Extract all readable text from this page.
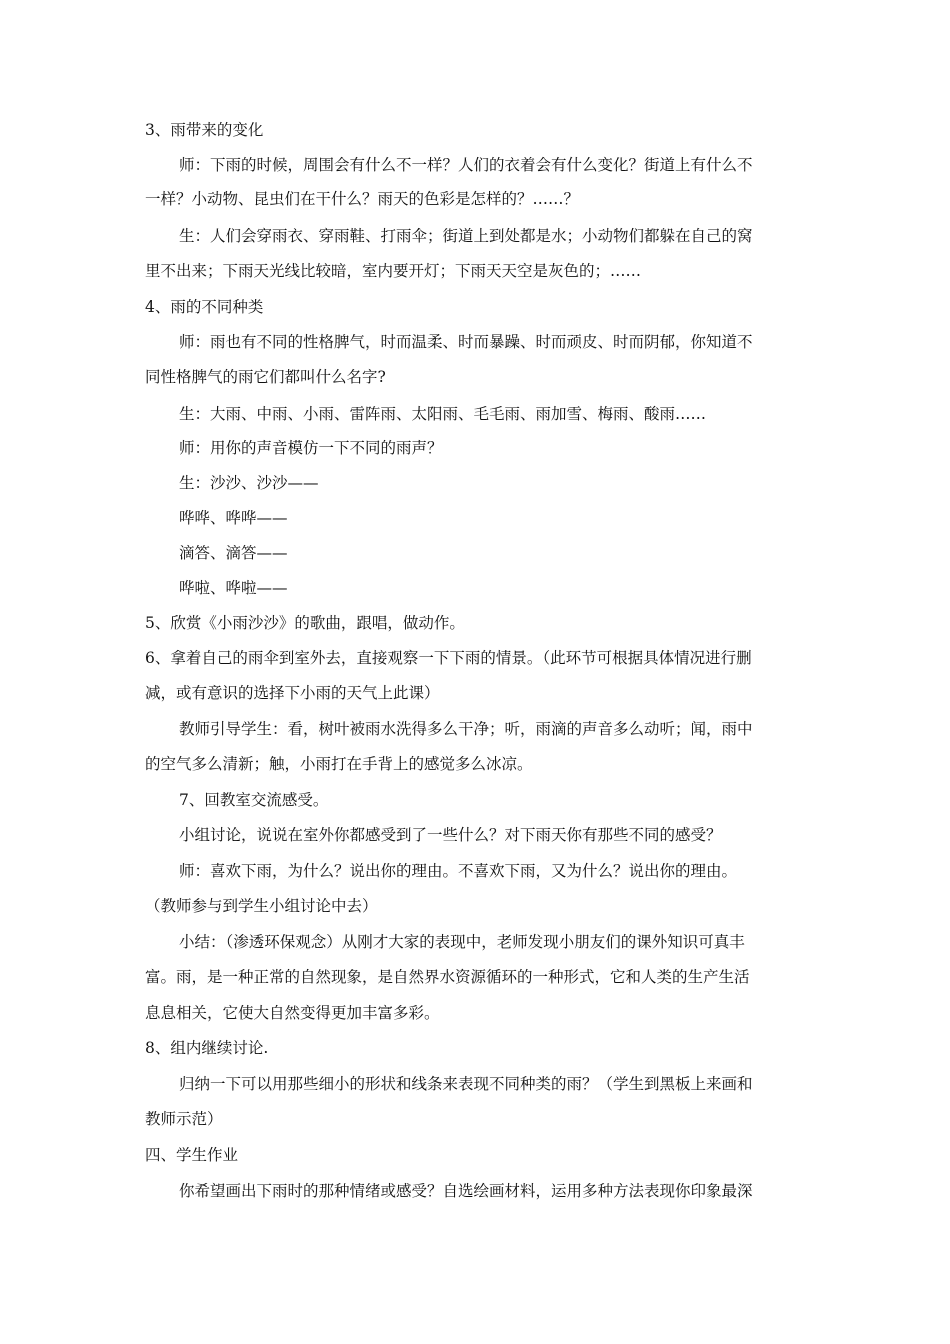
3、雨带来的变化
师：下雨的时候，周围会有什么不一样？人们的衣着会有什么变化？街道上有什么不
一样？小动物、昆虫们在干什么？雨天的色彩是怎样的？……？
生：人们会穿雨衣、穿雨鞋、打雨伞；街道上到处都是水；小动物们都躲在自己的窝
里不出来；下雨天光线比较暗，室内要开灯；下雨天天空是灰色的；……
4、雨的不同种类
师：雨也有不同的性格脾气，时而温柔、时而暴躁、时而顽皮、时而阴郁，你知道不
同性格脾气的雨它们都叫什么名字?
生：大雨、中雨、小雨、雷阵雨、太阳雨、毛毛雨、雨加雪、梅雨、酸雨……
师：用你的声音模仿一下不同的雨声？
生：沙沙、沙沙——
哗哗、哗哗——
滴答、滴答——
哗啦、哗啦——
5、欣赏《小雨沙沙》的歌曲，跟唱，做动作。
6、拿着自己的雨伞到室外去，直接观察一下下雨的情景。（此环节可根据具体情况进行删
减，或有意识的选择下小雨的天气上此课）
教师引导学生：看，树叶被雨水洗得多么干净；听，雨滴的声音多么动听；闻，雨中
的空气多么清新；触，小雨打在手背上的感觉多么冰凉。
7、回教室交流感受。
小组讨论，说说在室外你都感受到了一些什么？对下雨天你有那些不同的感受？
师：喜欢下雨，为什么？说出你的理由。不喜欢下雨，又为什么？说出你的理由。
（教师参与到学生小组讨论中去）
小结：（渗透环保观念）从刚才大家的表现中，老师发现小朋友们的课外知识可真丰
富。雨，是一种正常的自然现象，是自然界水资源循环的一种形式，它和人类的生产生活
息息相关，它使大自然变得更加丰富多彩。
8、组内继续讨论.
归纳一下可以用那些细小的形状和线条来表现不同种类的雨？（学生到黑板上来画和
教师示范）
四、学生作业
你希望画出下雨时的那种情绪或感受？自选绘画材料，运用多种方法表现你印象最深
